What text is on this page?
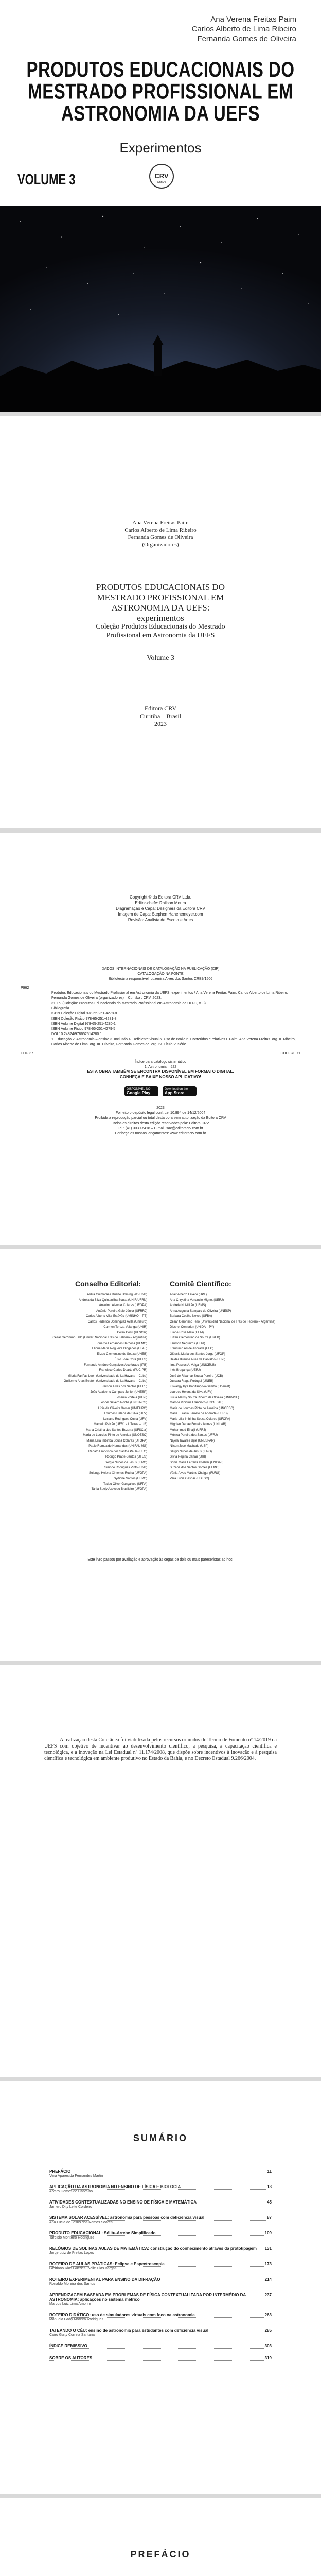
Ana Verena Freitas Paim
Carlos Alberto de Lima Ribeiro
Fernanda Gomes de Oliveira
PRODUTOS EDUCACIONAIS DO
MESTRADO PROFISSIONAL EM
ASTRONOMIA DA UEFS
Experimentos
VOLUME 3	CRV
editora
Ana Verena Freitas Paim
Carlos Alberto de Lima Ribeiro
Fernanda Gomes de Oliveira
(Organizadores)
PRODUTOS EDUCACIONAIS DO
MESTRADO PROFISSIONAL EM
ASTRONOMIA DA UEFS:
experimentos
Coleção Produtos Educacionais do Mestrado
Profissional em Astronomia da UEFS
Volume 3
Editora CRV
Curitiba – Brasil
2023
Copyright © da Editora CRV Ltda.
Editor-chefe: Railson Moura
Diagramação e Capa: Designers da Editora CRV
Imagem de Capa: Stephen Hanenemeyer.com
Revisão: Analista de Escrita e Artes
DADOS INTERNACIONAIS DE CATALOGAÇÃO NA PUBLICAÇÃO (CIP)
CATALOGAÇÃO NA FONTE
Bibliotecária responsável: Luzenira Alves dos Santos CRB9/1506
P962
Produtos Educacionais do Mestrado Profissional em Astronomia da UEFS: experimentos / Ana Verena Freitas Paim, Carlos Alberto de Lima Ribeiro, Fernanda Gomes de Oliveira (organizadores) – Curitiba : CRV, 2023.
310 p. (Coleção: Produtos Educacionais do Mestrado Profissional em Astronomia da UEFS, v. 3)
Bibliografia
ISBN Coleção Digital 978-65-251-4278-8
ISBN Coleção Físico 978-65-251-4281-8
ISBN Volume Digital 978-65-251-4280-1
ISBN Volume Físico 978-65-251-4279-5
DOI 10.24824/978652514280.1
1. Educação 2. Astronomia – ensino 3. Inclusão 4. Deficiente visual 5. Uso de Braile 6. Conteúdos e relativos I. Paim, Ana Verena Freitas. org. II. Ribeiro, Carlos Alberto de Lima. org. III. Oliveira, Fernanda Gomes de. org. IV. Título V. Série.
CDU 37	CDD 370.71
Índice para catálogo sistemático
1. Astronomia – 522
ESTA OBRA TAMBÉM SE ENCONTRA DISPONÍVEL EM FORMATO DIGITAL.
CONHEÇA E BAIXE NOSSO APLICATIVO!
DISPONÍVEL NO
Google Play
Download on the
App Store
2023
Foi feito o depósito legal conf. Lei 10.994 de 14/12/2004
Proibida a reprodução parcial ou total desta obra sem autorização da Editora CRV
Todos os direitos desta edição reservados pela: Editora CRV
Tel.: (41) 3039-6418 – E-mail: sac@editoracrv.com.br
Conheça os nossos lançamentos: www.editoracrv.com.br
Conselho Editorial:	Comitê Científico:
Aldira Guimarães Duarte Domínguez (UNB)
Andréia da Silva Quintanilha Sousa (UNIR/UFRN)
Anselmo Alencar Colares (UFOPA)
Antônio Pereira Gaio Júnior (UFRRJ)
Carlos Alberto Vilar Estêvão (UMINHO – PT)
Carlos Federico Dominguez Avila (Unieuro)
Carmen Tereza Velanga (UNIR)
Celso Conti (UFSCar)
Cesar Gerónimo Tello (Univer. Nacional Três de Febrero – Argentina)
Eduardo Fernandes Barbosa (UFMG)
Elione Maria Nogueira Diogenes (UFAL)
Elizeu Clementino de Souza (UNEB)
Élsio José Corá (UFFS)
Fernando Antônio Gonçalves Alcoforado (IPB)
Francisco Carlos Duarte (PUC-PR)
Gloria Fariñas León (Universidade de La Havana – Cuba)
Guillermo Arias Beatón (Universidade de La Havana – Cuba)
Jailson Alves dos Santos (UFRJ)
João Adalberto Campato Junior (UNESP)
Josania Portela (UFPI)
Leonel Severo Rocha (UNISINOS)
Lídia de Oliveira Xavier (UNIEURO)
Lourdes Helena da Silva (UFV)
Luciano Rodrigues Costa (UFV)
Marcelo Paixão (UFRJ e UTexas – US)
Maria Cristina dos Santos Bezerra (UFSCar)
Maria de Lourdes Pinto de Almeida (UNOESC)
Maria Lília Imbiriba Sousa Colares (UFOPA)
Paulo Romualdo Hernandes (UNIFAL-MG)
Renato Francisco dos Santos Paula (UFG)
Rodrigo Pratte-Santos (UFES)
Sérgio Nunes de Jesus (IFRO)
Simone Rodrigues Pinto (UNB)
Solange Helena Ximenes-Rocha (UFOPA)
Sydione Santos (UEPG)
Tadeu Oliver Gonçalves (UFPA)
Tania Suely Azevedo Brasileiro (UFOPA)
Altair Alberto Fávero (UPF)
Ana Chrystina Venancio Mignot (UERJ)
Andréia N. Militão (UEMS)
Anna Augusta Sampaio de Oliveira (UNESP)
Barbara Coelho Neves (UFBA)
Cesar Gerónimo Tello (Universidad Nacional de Três de Febrero – Argentina)
Diosnel Centurion (UNIDA – PY)
Eliane Rose Maio (UEM)
Elizeu Clementino de Souza (UNEB)
Fauston Negreiros (UFPI)
Francisco Ari de Andrade (UFC)
Gláucia Maria dos Santos Jorge (UFOP)
Helder Buenos Aires de Carvalho (UFPI)
Ilma Passos A. Veiga (UNICEUB)
Inês Bragança (UERJ)
José de Ribamar Sousa Pereira (UCB)
Jussara Fraga Portugal (UNEB)
Kilwangy Kya Kapitango-a-Samba (Unemat)
Lourdes Helena da Silva (UFV)
Lucia Marisy Souza Ribeiro de Oliveira (UNIVASF)
Marcos Vinicius Francisco (UNOESTE)
Maria de Lourdes Pinto de Almeida (UNOESC)
Maria Eurácia Barreto de Andrade (UFRB)
Maria Lília Imbiriba Sousa Colares (UFOPA)
Míghian Danae Ferreira Nunes (UNILAB)
Mohammed Elhajji (UFRJ)
Mônica Pereira dos Santos (UFRJ)
Najela Tavares Ujiie (UNESPAR)
Nilson José Machado (USP)
Sérgio Nunes de Jesus (IFRO)
Silvia Regina Canan (URI)
Sonia Maria Ferreira Koehler (UNISAL)
Suzana dos Santos Gomes (UFMG)
Vânia Alves Martins Chaigar (FURG)
Vera Lucia Gaspar (UDESC)
Este livro passou por avaliação e aprovação às cegas de dois ou mais pareceristas ad hoc.

A realização desta Coletânea foi viabilizada pelos recursos oriundos do Termo de Fomento nº 14/2019 da UEFS com objetivo de incentivar ao desenvolvimento científico, a pesquisa, a capacitação científica e tecnológica, e a inovação na Lei Estadual nº 11.174/2008, que dispõe sobre incentivos à inovação e à pesquisa científica e tecnológica em ambiente produtivo no Estado da Bahia, e no Decreto Estadual 9.266/2004.

SUMÁRIO
PREFÁCIO	11
Vera Aparecida Fernandes Martin
APLICAÇÃO DA ASTRONOMIA NO ENSINO DE FÍSICA E BIOLOGIA	13
Alvaro Gomes de Carvalho
ATIVIDADES CONTEXTUALIZADAS NO ENSINO DE FÍSICA E MATEMÁTICA	45
Jamerc Dity Leite Cordeiro
SISTEMA SOLAR ACESSÍVEL: astronomia para pessoas com deficiência visual	87
Ana Lúcia de Jesus dos Ramos Soares
PRODUTO EDUCACIONAL: Sólitu-Arrebe Simplificado	109
Tarcísio Monteiro Rodrigues
RELÓGIOS DE SOL NAS AULAS DE MATEMÁTICA: construção do conhecimento através da prototipagem	131
Jorge Luiz de Freitas Lopes
ROTEIRO DE AULAS PRÁTICAS: Eclipse e Espectroscopia	173
Gleiriano Rios Guedes; Neile Dias Bargas
ROTEIRO EXPERIMENTAL PARA ENSINO DA DIFRAÇÃO	214
Ronaldo Moreira dos Santos
APRENDIZAGEM BASEADA EM PROBLEMAS DE FÍSICA CONTEXTUALIZADA POR INTERMÉDIO DA ASTRONOMIA: aplicações no sistema métrico
237
Marcos Luiz Lima Amorim
ROTEIRO DIDÁTICO: uso de simuladores virtuais com foco na astronomia	263
Manuela Gaby Moreira Rodrigues
TATEANDO O CÉU: ensino de astronomia para estudantes com deficiência visual	285
Cairo Guity Correia Santana
ÍNDICE REMISSIVO	303
SOBRE OS AUTORES	319
PREFÁCIO
